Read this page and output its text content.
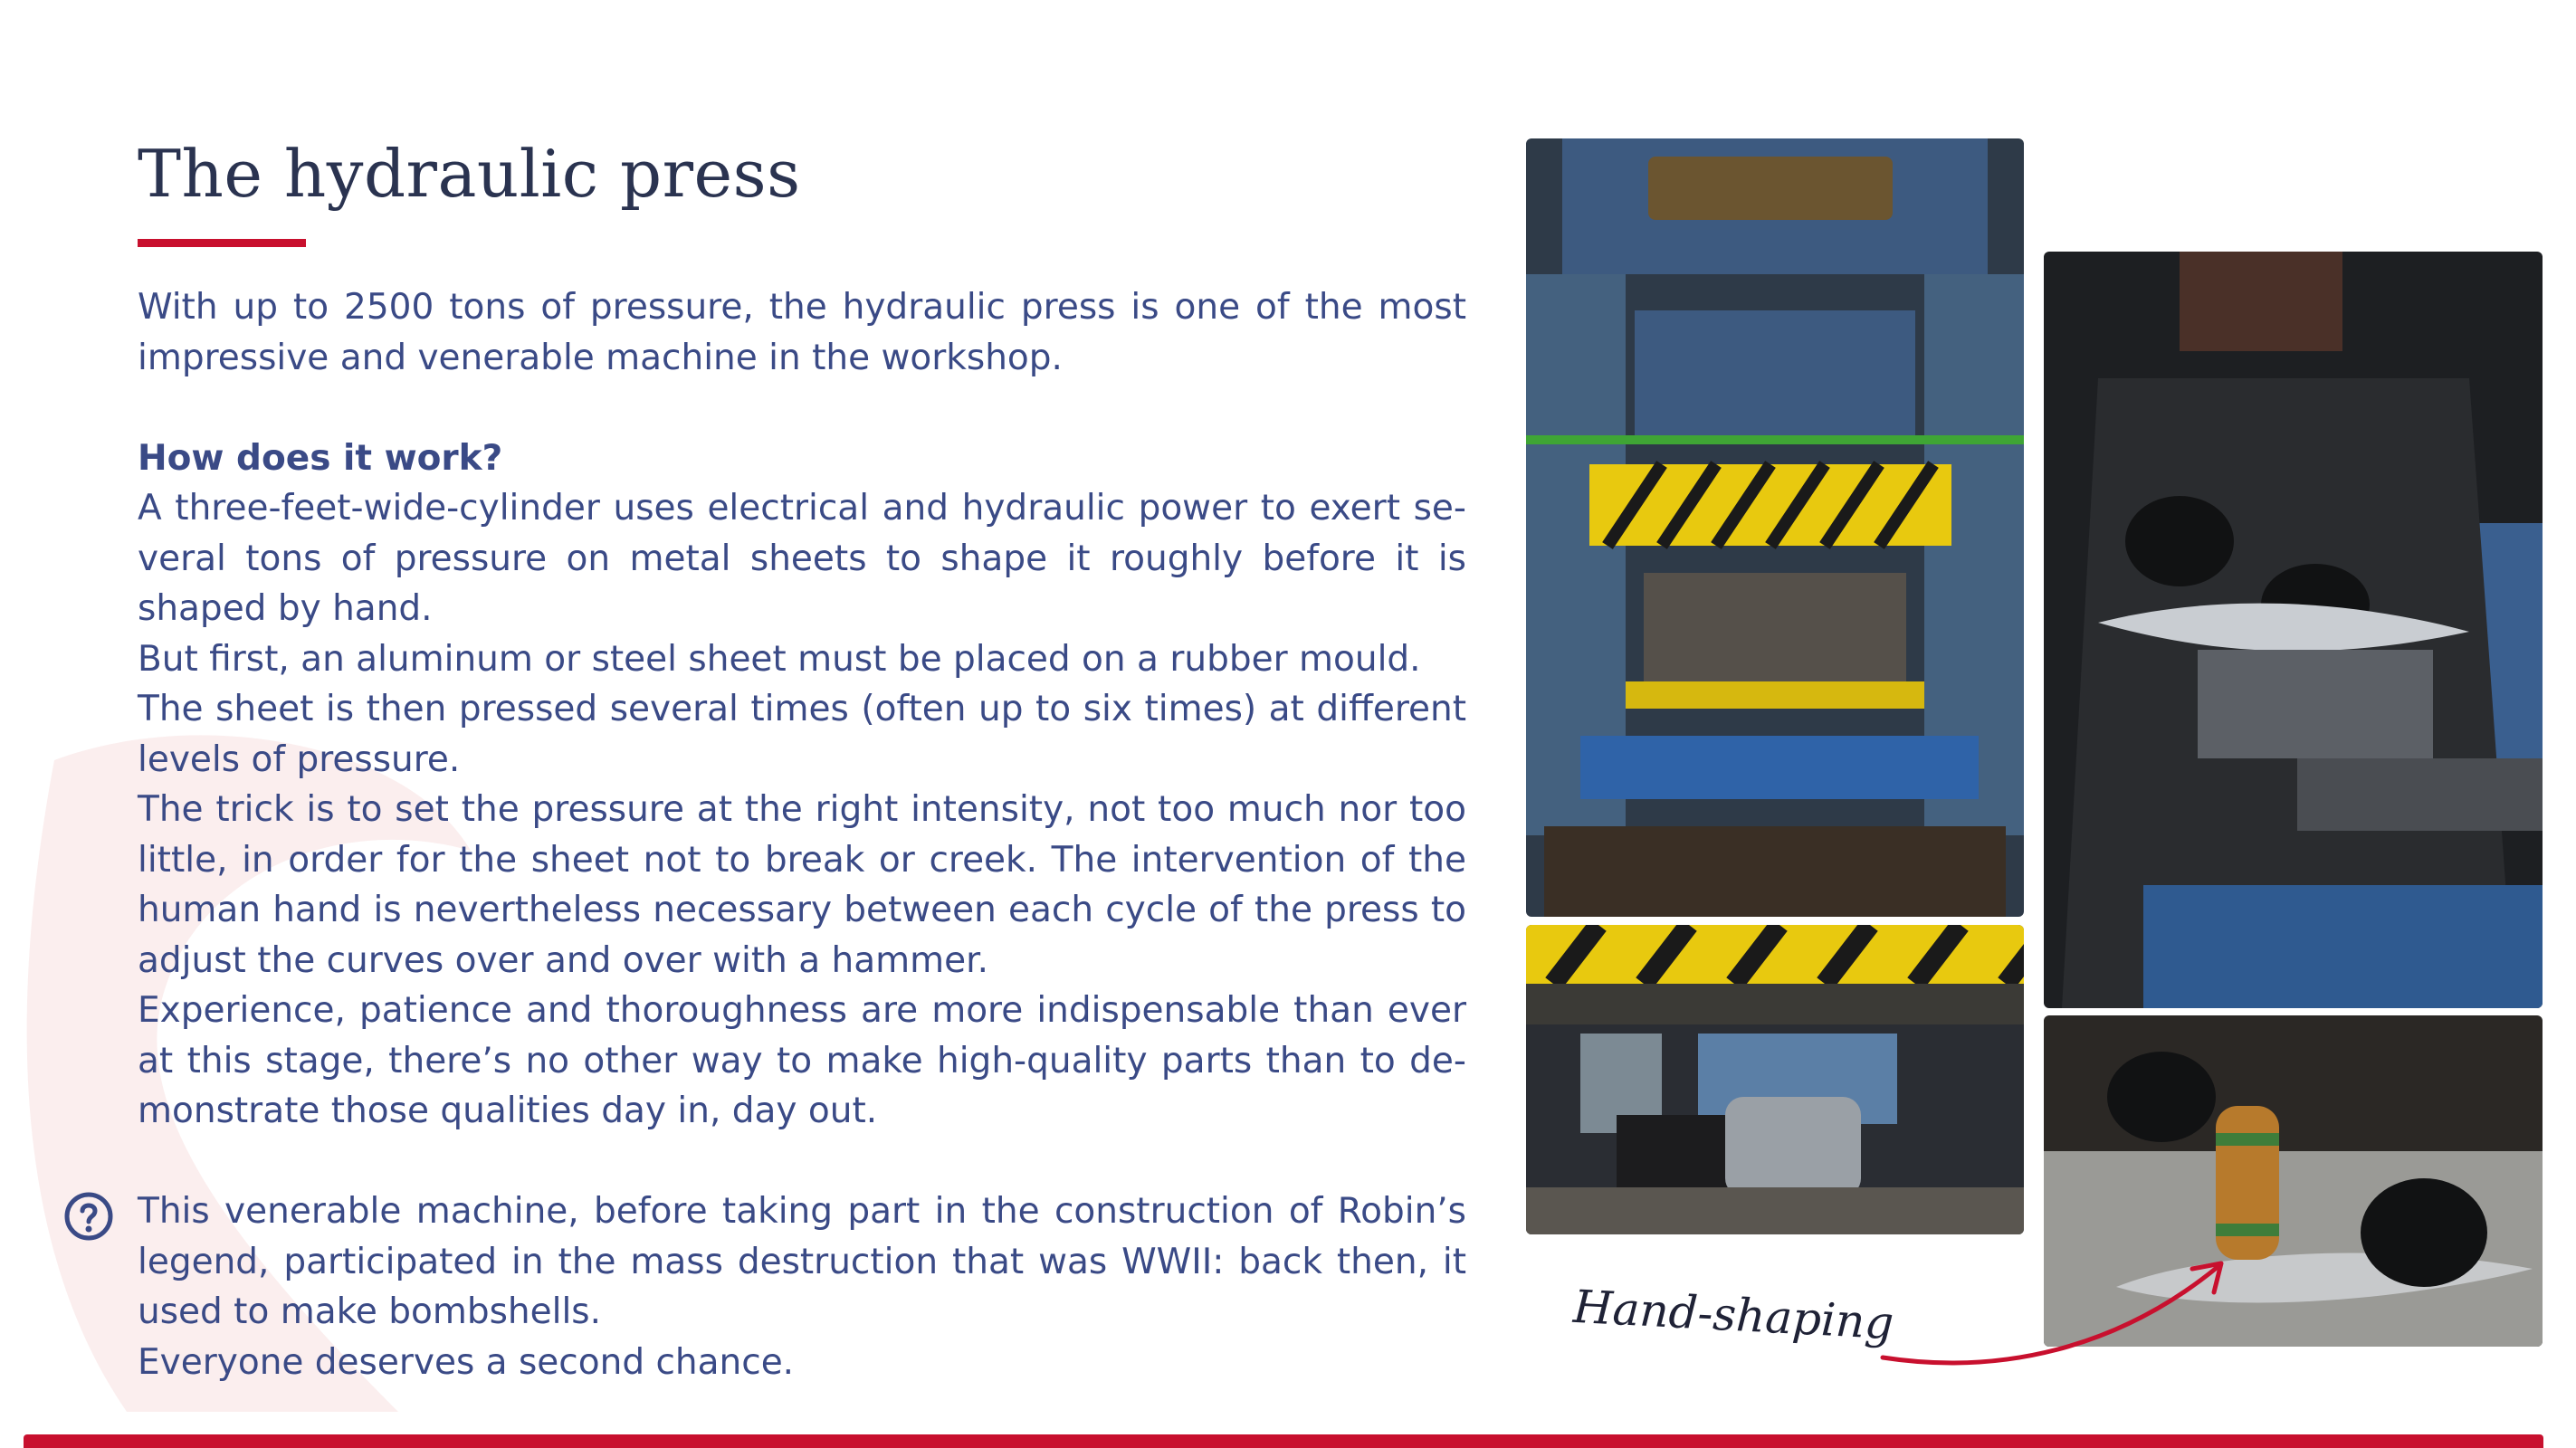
The hydraulic press

With up to 2500 tons of pressure, the hydraulic press is one of the most impressive and venerable machine in the workshop.

How does it work?

A three-feet-wide-cylinder uses electrical and hydraulic power to exert several tons of pressure on metal sheets to shape it roughly before it is shaped by hand.

But first, an aluminum or steel sheet must be placed on a rubber mould.

The sheet is then pressed several times (often up to six times) at different levels of pressure.

The trick is to set the pressure at the right intensity, not too much nor too little, in order for the sheet not to break or creek. The intervention of the human hand is nevertheless necessary between each cycle of the press to adjust the curves over and over with a hammer.

Experience, patience and thoroughness are more indispensable than ever at this stage, there’s no other way to make high-quality parts than to demonstrate those qualities day in, day out.

This venerable machine, before taking part in the construction of Robin’s legend, participated in the mass destruction that was WWII: back then, it used to make bombshells.

Everyone deserves a second chance.

Hand-shaping
